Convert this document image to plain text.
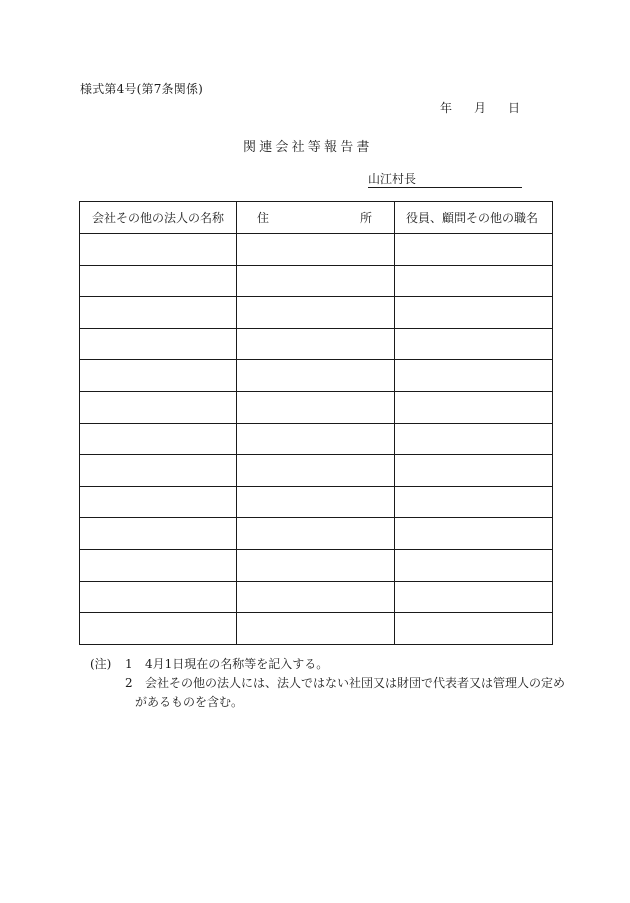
様式第4号(第7条関係)
年 月 日
関連会社等報告書
山江村長
会社その他の法人の名称	住 所	役員、顧問その他の職名

(注) 1 4月1日現在の名称等を記入する。

2 会社その他の法人には、法人ではない社団又は財団で代表者又は管理人の定め

があるものを含む。
